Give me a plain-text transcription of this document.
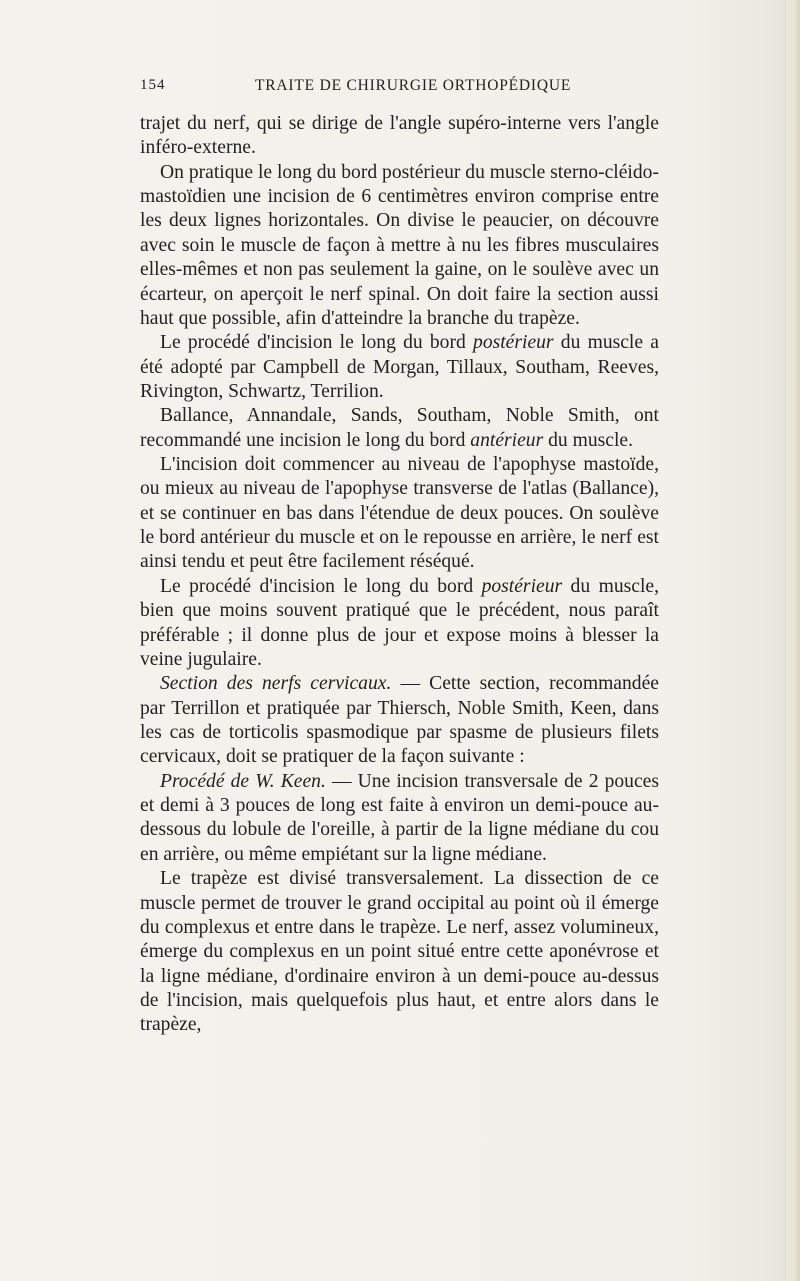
154	TRAITE DE CHIRURGIE ORTHOPÉDIQUE

trajet du nerf, qui se dirige de l'angle supéro-interne vers l'angle inféro-externe.

On pratique le long du bord postérieur du muscle sterno-cléido-mastoïdien une incision de 6 centimètres environ comprise entre les deux lignes horizontales. On divise le peaucier, on découvre avec soin le muscle de façon à mettre à nu les fibres musculaires elles-mêmes et non pas seulement la gaine, on le soulève avec un écarteur, on aperçoit le nerf spinal. On doit faire la section aussi haut que possible, afin d'atteindre la branche du trapèze.

Le procédé d'incision le long du bord postérieur du muscle a été adopté par Campbell de Morgan, Tillaux, Southam, Reeves, Rivington, Schwartz, Terrilion.

Ballance, Annandale, Sands, Southam, Noble Smith, ont recommandé une incision le long du bord antérieur du muscle.

L'incision doit commencer au niveau de l'apophyse mastoïde, ou mieux au niveau de l'apophyse transverse de l'atlas (Ballance), et se continuer en bas dans l'étendue de deux pouces. On soulève le bord antérieur du muscle et on le repousse en arrière, le nerf est ainsi tendu et peut être facilement réséqué.

Le procédé d'incision le long du bord postérieur du muscle, bien que moins souvent pratiqué que le précédent, nous paraît préférable ; il donne plus de jour et expose moins à blesser la veine jugulaire.

Section des nerfs cervicaux. — Cette section, recommandée par Terrillon et pratiquée par Thiersch, Noble Smith, Keen, dans les cas de torticolis spasmodique par spasme de plusieurs filets cervicaux, doit se pratiquer de la façon suivante :

Procédé de W. Keen. — Une incision transversale de 2 pouces et demi à 3 pouces de long est faite à environ un demi-pouce au-dessous du lobule de l'oreille, à partir de la ligne médiane du cou en arrière, ou même empiétant sur la ligne médiane.

Le trapèze est divisé transversalement. La dissection de ce muscle permet de trouver le grand occipital au point où il émerge du complexus et entre dans le trapèze. Le nerf, assez volumineux, émerge du complexus en un point situé entre cette aponévrose et la ligne médiane, d'ordinaire environ à un demi-pouce au-dessus de l'incision, mais quelquefois plus haut, et entre alors dans le trapèze,
